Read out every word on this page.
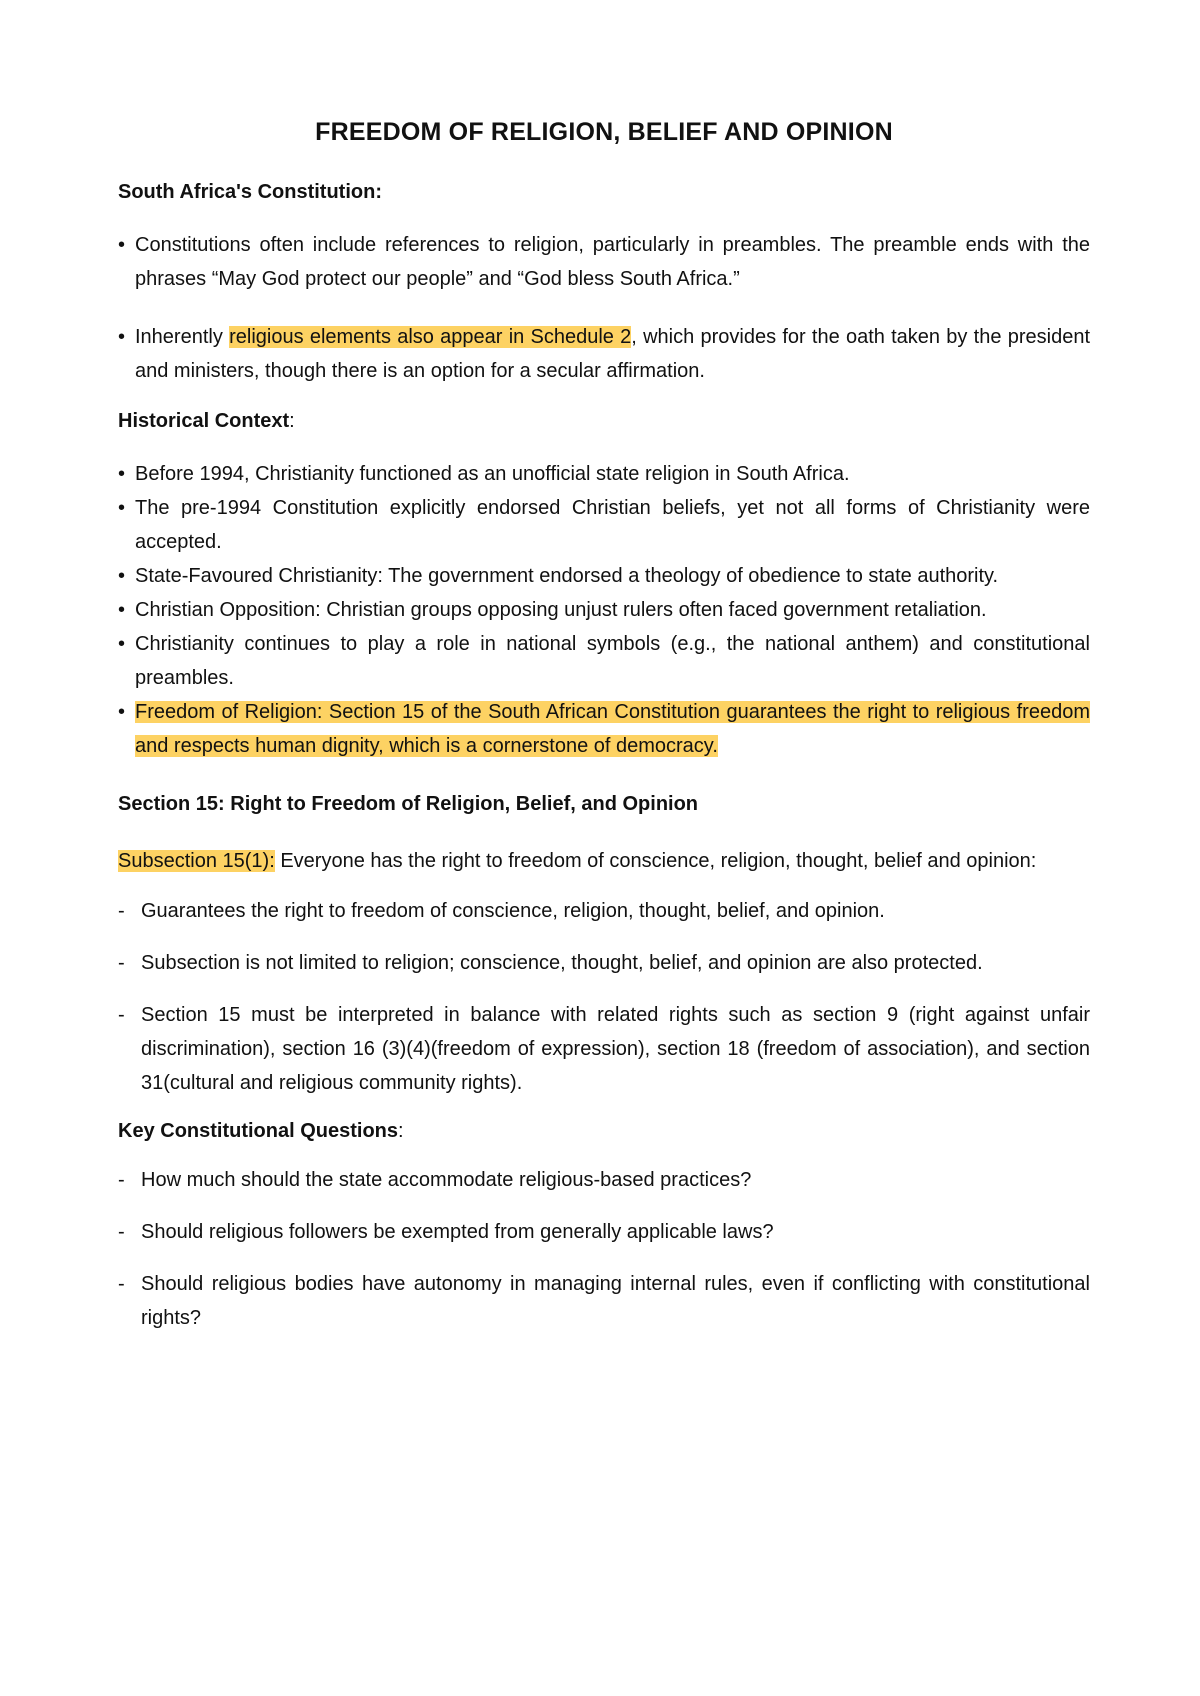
FREEDOM OF RELIGION, BELIEF AND OPINION

South Africa's Constitution:

• Constitutions often include references to religion, particularly in preambles. The preamble ends with the phrases “May God protect our people” and “God bless South Africa.”
• Inherently religious elements also appear in Schedule 2, which provides for the oath taken by the president and ministers, though there is an option for a secular affirmation.

Historical Context:

• Before 1994, Christianity functioned as an unofficial state religion in South Africa.
• The pre-1994 Constitution explicitly endorsed Christian beliefs, yet not all forms of Christianity were accepted.
• State-Favoured Christianity: The government endorsed a theology of obedience to state authority.
• Christian Opposition: Christian groups opposing unjust rulers often faced government retaliation.
• Christianity continues to play a role in national symbols (e.g., the national anthem) and constitutional preambles.
• Freedom of Religion: Section 15 of the South African Constitution guarantees the right to religious freedom and respects human dignity, which is a cornerstone of democracy.

Section 15: Right to Freedom of Religion, Belief, and Opinion

Subsection 15(1): Everyone has the right to freedom of conscience, religion, thought, belief and opinion:

- Guarantees the right to freedom of conscience, religion, thought, belief, and opinion.
- Subsection is not limited to religion; conscience, thought, belief, and opinion are also protected.
- Section 15 must be interpreted in balance with related rights such as section 9 (right against unfair discrimination), section 16 (3)(4)(freedom of expression), section 18 (freedom of association), and section 31(cultural and religious community rights).

Key Constitutional Questions:

- How much should the state accommodate religious-based practices?
- Should religious followers be exempted from generally applicable laws?
- Should religious bodies have autonomy in managing internal rules, even if conflicting with constitutional rights?
